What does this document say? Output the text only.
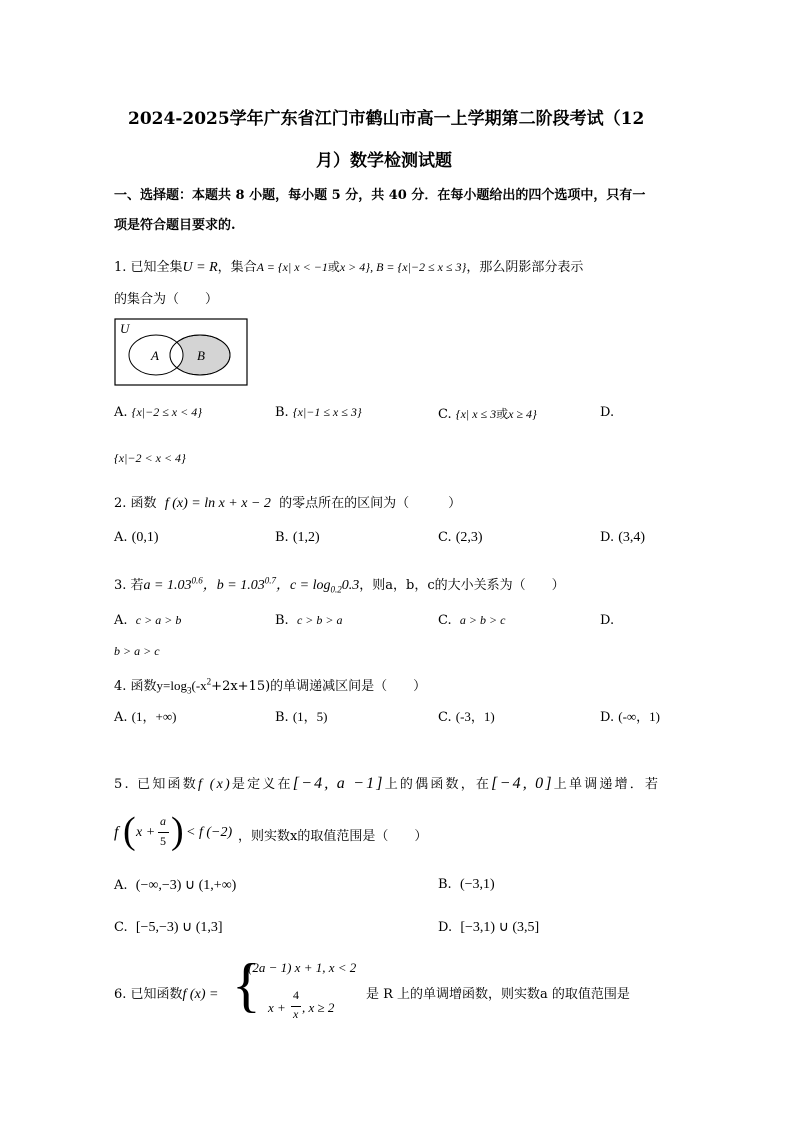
2024-2025学年广东省江门市鹤山市高一上学期第二阶段考试（12
月）数学检测试题
一、选择题：本题共 8 小题，每小题 5 分，共 40 分．在每小题给出的四个选项中，只有一
项是符合题目要求的.
1. 已知全集U = R，集合A = {x| x < −1或x > 4}, B = {x|−2 ≤ x ≤ 3}，那么阴影部分表示
的集合为（　　）
U
A	B
A. {x|−2 ≤ x < 4}	B. {x|−1 ≤ x ≤ 3}	C. {x| x ≤ 3或x ≥ 4}	D.
{x|−2 < x < 4}
2. 函数 f (x) = ln x + x − 2 的零点所在的区间为（　　　）
A. (0,1)	B. (1,2)	C. (2,3)	D. (3,4)
3. 若$a = 1.03^{0.6}$，$b = 1.03^{0.7}$，$c = \log_{0.2}0.3$，则a，b，c的大小关系为（　　）
A. c > a > b	B. c > b > a	C. a > b > c	D.
b > a > c
4. 函数$y=\log_3(-x^2+2x+15)$的单调递减区间是（　　）
A. (1，+∞)	B. (1，5)	C. (-3，1)	D. (-∞，1)
5. 已知函数f (x)是定义在[−4, a −1]上的偶函数，在[−4, 0]上单调递增．若
f ( x +
a
5 ) < f (−2) ，则实数x的取值范围是（　　）
A. (−∞,−3) ∪ (1,+∞)	B. (−3,1)
C. [−5,−3) ∪ (1,3]	D. [−3,1) ∪ (3,5]
6. 已知函数f (x) = {
(2a − 1) x + 1, x < 2
x +
4
x , x ≥ 2
是 R 上的单调增函数，则实数a 的取值范围是
